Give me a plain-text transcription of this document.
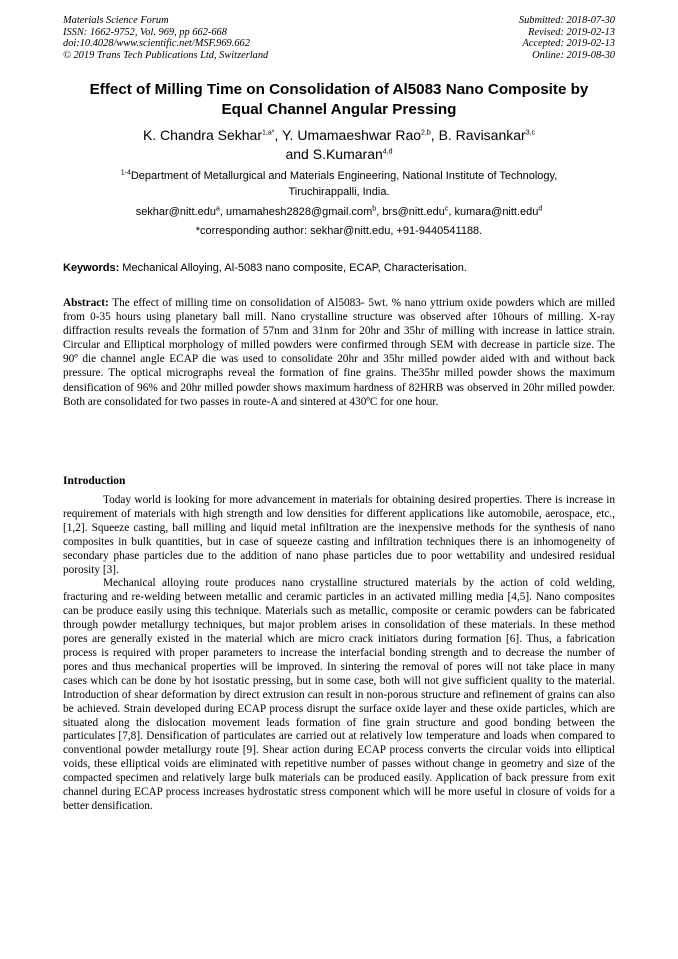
Materials Science Forum
ISSN: 1662-9752, Vol. 969, pp 662-668
doi:10.4028/www.scientific.net/MSF.969.662
© 2019 Trans Tech Publications Ltd, Switzerland
Submitted: 2018-07-30
Revised: 2019-02-13
Accepted: 2019-02-13
Online: 2019-08-30
Effect of Milling Time on Consolidation of Al5083 Nano Composite by
Equal Channel Angular Pressing
K. Chandra Sekhar$^{1,a*}$, Y. Umamaeshwar Rao$^{2,b}$, B. Ravisankar$^{3,c}$
and S.Kumaran$^{4,d}$
$^{1-4}$Department of Metallurgical and Materials Engineering, National Institute of Technology,
Tiruchirappalli, India.
sekhar@nitt.edu$^a$, umamahesh2828@gmail.com$^b$, brs@nitt.edu$^c$, kumara@nitt.edu$^d$
*corresponding author: sekhar@nitt.edu, +91-9440541188.
Keywords: Mechanical Alloying, Al-5083 nano composite, ECAP, Characterisation.
Abstract: The effect of milling time on consolidation of Al5083- 5wt. % nano yttrium oxide powders which are milled from 0-35 hours using planetary ball mill. Nano crystalline structure was observed after 10hours of milling. X-ray diffraction results reveals the formation of 57nm and 31nm for 20hr and 35hr of milling with increase in lattice strain. Circular and Elliptical morphology of milled powders were confirmed through SEM with decrease in particle size. The 90º die channel angle ECAP die was used to consolidate 20hr and 35hr milled powder aided with and without back pressure. The optical micrographs reveal the formation of fine grains. The35hr milled powder shows the maximum densification of 96% and 20hr milled powder shows maximum hardness of 82HRB was observed in 20hr milled powder. Both are consolidated for two passes in route-A and sintered at 430ºC for one hour.
Introduction

Today world is looking for more advancement in materials for obtaining desired properties. There is increase in requirement of materials with high strength and low densities for different applications like automobile, aerospace, etc., [1,2]. Squeeze casting, ball milling and liquid metal infiltration are the inexpensive methods for the synthesis of nano composites in bulk quantities, but in case of squeeze casting and infiltration techniques there is an inhomogeneity of secondary phase particles due to the addition of nano phase particles due to poor wettability and undesired residual porosity [3].

Mechanical alloying route produces nano crystalline structured materials by the action of cold welding, fracturing and re-welding between metallic and ceramic particles in an activated milling media [4,5]. Nano composites can be produce easily using this technique. Materials such as metallic, composite or ceramic powders can be fabricated through powder metallurgy techniques, but major problem arises in consolidation of these materials. In these method pores are generally existed in the material which are micro crack initiators during formation [6]. Thus, a fabrication process is required with proper parameters to increase the interfacial bonding strength and to decrease the number of pores and thus mechanical properties will be improved. In sintering the removal of pores will not take place in many cases which can be done by hot isostatic pressing, but in some case, both will not give sufficient quality to the material. Introduction of shear deformation by direct extrusion can result in non-porous structure and refinement of grains can also be achieved. Strain developed during ECAP process disrupt the surface oxide layer and these oxide particles, which are situated along the dislocation movement leads formation of fine grain structure and good bonding between the particulates [7,8]. Densification of particulates are carried out at relatively low temperature and loads when compared to conventional powder metallurgy route [9]. Shear action during ECAP process converts the circular voids into elliptical voids, these elliptical voids are eliminated with repetitive number of passes without change in geometry and size of the compacted specimen and relatively large bulk materials can be produced easily. Application of back pressure from exit channel during ECAP process increases hydrostatic stress component which will be more useful in closure of voids for a better densification.
